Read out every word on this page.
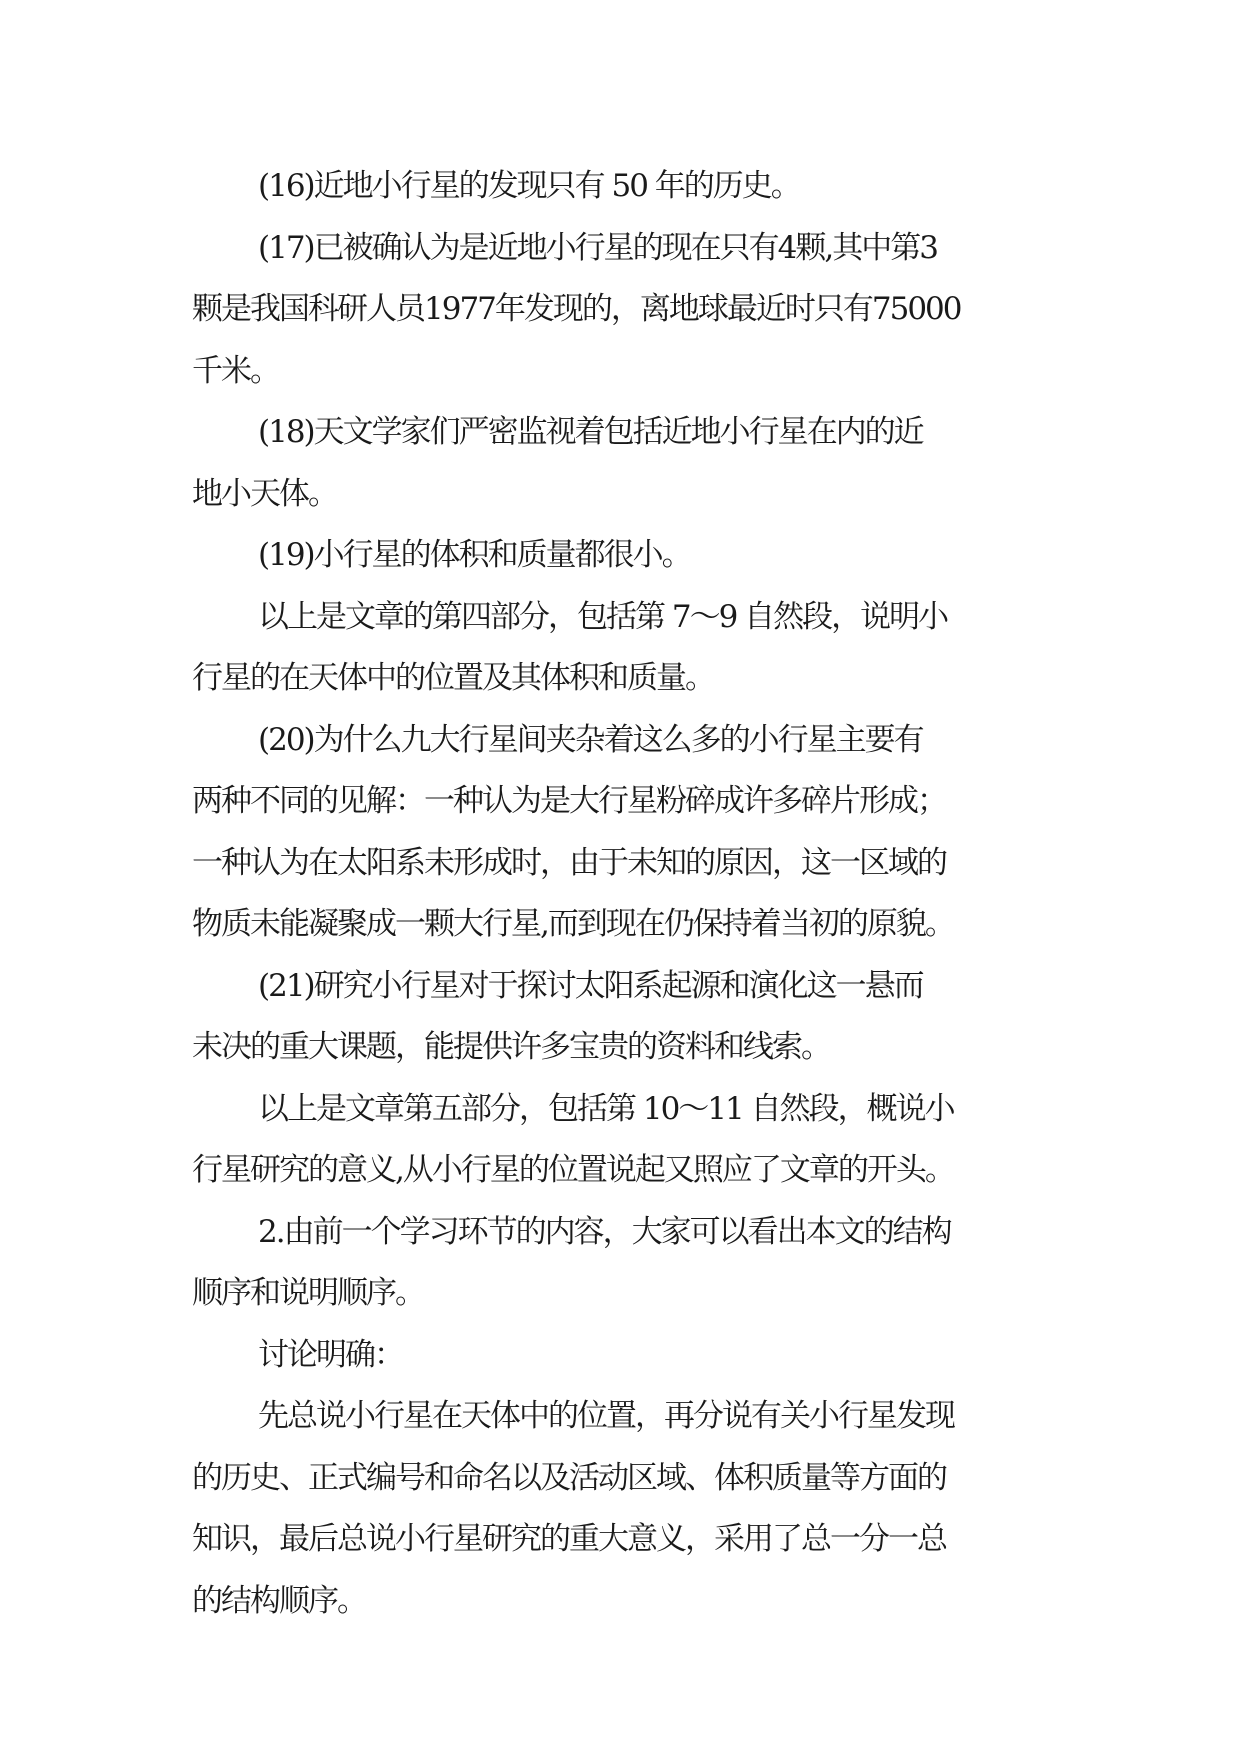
(16)近地小行星的发现只有 50 年的历史。

(17)已被确认为是近地小行星的现在只有4颗,其中第3
颗是我国科研人员1977年发现的，离地球最近时只有75000
千米。

(18)天文学家们严密监视着包括近地小行星在内的近
地小天体。

(19)小行星的体积和质量都很小。

以上是文章的第四部分，包括第 7～9 自然段，说明小
行星的在天体中的位置及其体积和质量。

(20)为什么九大行星间夹杂着这么多的小行星主要有
两种不同的见解：一种认为是大行星粉碎成许多碎片形成；
一种认为在太阳系未形成时，由于未知的原因，这一区域的
物质未能凝聚成一颗大行星,而到现在仍保持着当初的原貌。

(21)研究小行星对于探讨太阳系起源和演化这一悬而
未决的重大课题，能提供许多宝贵的资料和线索。

以上是文章第五部分，包括第 10～11 自然段，概说小
行星研究的意义,从小行星的位置说起又照应了文章的开头。

2.由前一个学习环节的内容，大家可以看出本文的结构
顺序和说明顺序。

讨论明确：

先总说小行星在天体中的位置，再分说有关小行星发现
的历史、正式编号和命名以及活动区域、体积质量等方面的
知识，最后总说小行星研究的重大意义，采用了总一分一总
的结构顺序。
